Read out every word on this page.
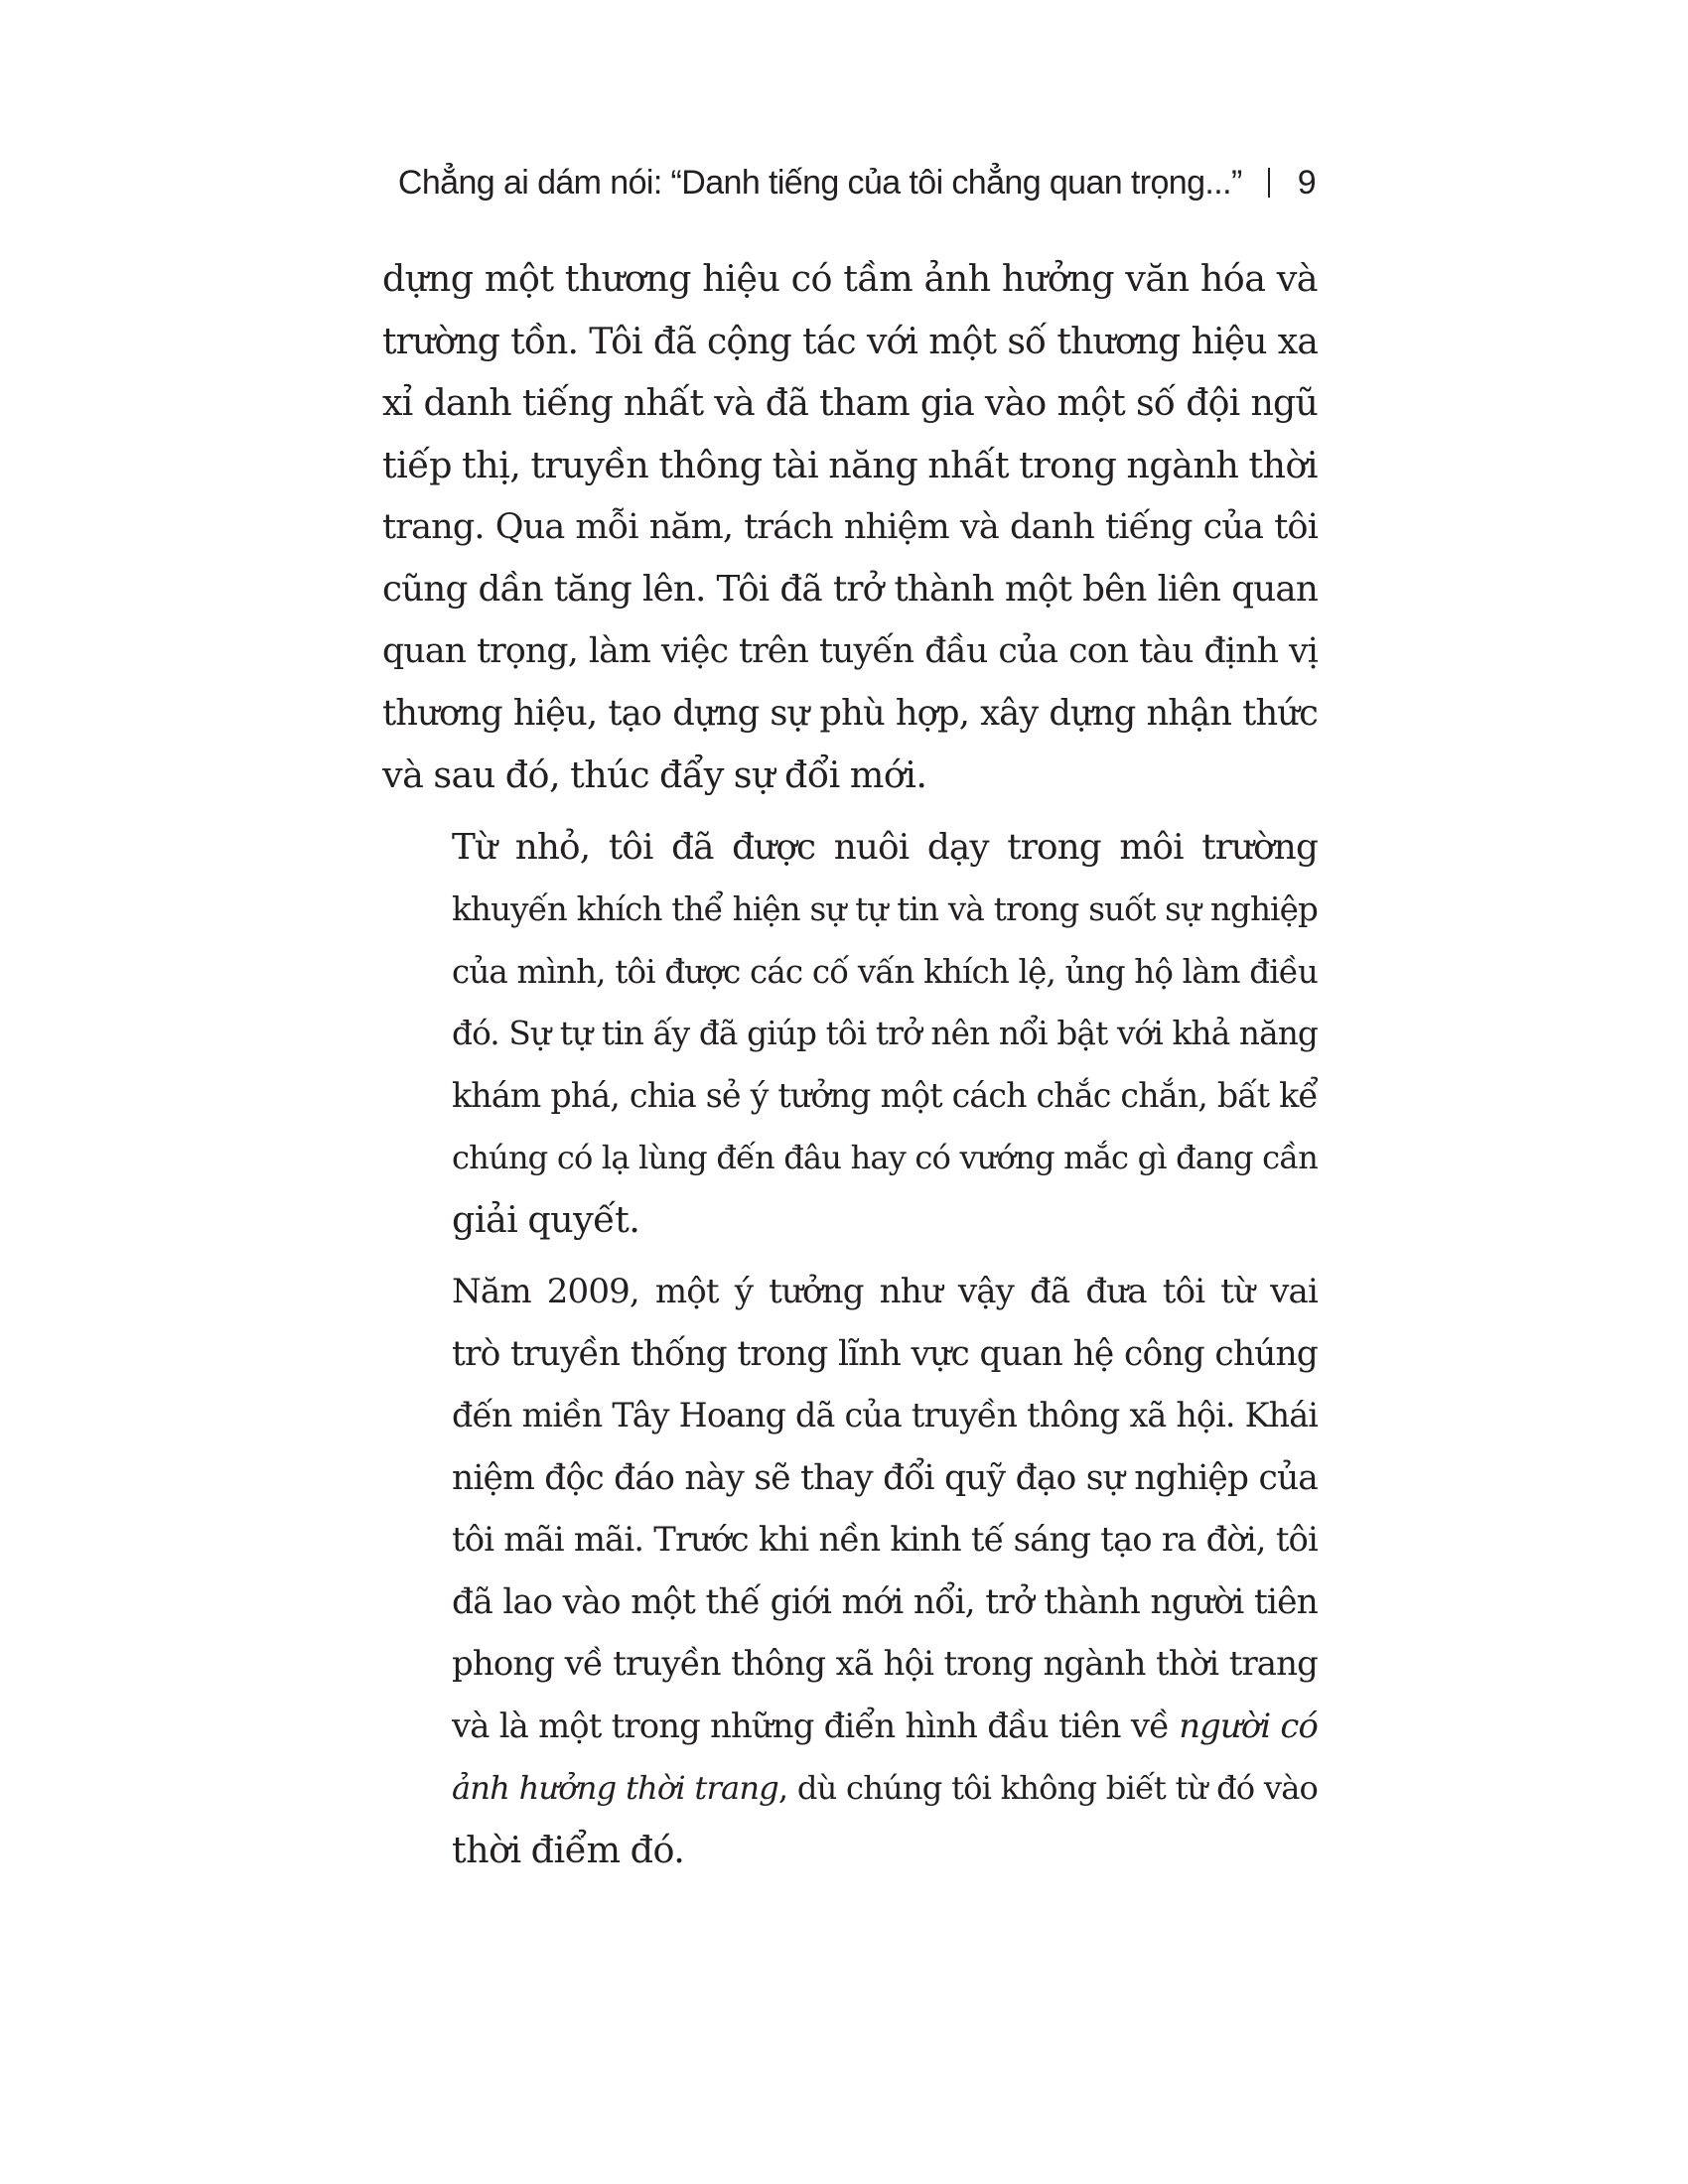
Chẳng ai dám nói: “Danh tiếng của tôi chẳng quan trọng...” 9

dựng một thương hiệu có tầm ảnh hưởng văn hóa và
trường tồn. Tôi đã cộng tác với một số thương hiệu xa
xỉ danh tiếng nhất và đã tham gia vào một số đội ngũ
tiếp thị, truyền thông tài năng nhất trong ngành thời
trang. Qua mỗi năm, trách nhiệm và danh tiếng của tôi
cũng dần tăng lên. Tôi đã trở thành một bên liên quan
quan trọng, làm việc trên tuyến đầu của con tàu định vị
thương hiệu, tạo dựng sự phù hợp, xây dựng nhận thức
và sau đó, thúc đẩy sự đổi mới.

Từ nhỏ, tôi đã được nuôi dạy trong môi trường
khuyến khích thể hiện sự tự tin và trong suốt sự nghiệp
của mình, tôi được các cố vấn khích lệ, ủng hộ làm điều
đó. Sự tự tin ấy đã giúp tôi trở nên nổi bật với khả năng
khám phá, chia sẻ ý tưởng một cách chắc chắn, bất kể
chúng có lạ lùng đến đâu hay có vướng mắc gì đang cần
giải quyết.

Năm 2009, một ý tưởng như vậy đã đưa tôi từ vai
trò truyền thống trong lĩnh vực quan hệ công chúng
đến miền Tây Hoang dã của truyền thông xã hội. Khái
niệm độc đáo này sẽ thay đổi quỹ đạo sự nghiệp của
tôi mãi mãi. Trước khi nền kinh tế sáng tạo ra đời, tôi
đã lao vào một thế giới mới nổi, trở thành người tiên
phong về truyền thông xã hội trong ngành thời trang
và là một trong những điển hình đầu tiên về người có
ảnh hưởng thời trang, dù chúng tôi không biết từ đó vào
thời điểm đó.
